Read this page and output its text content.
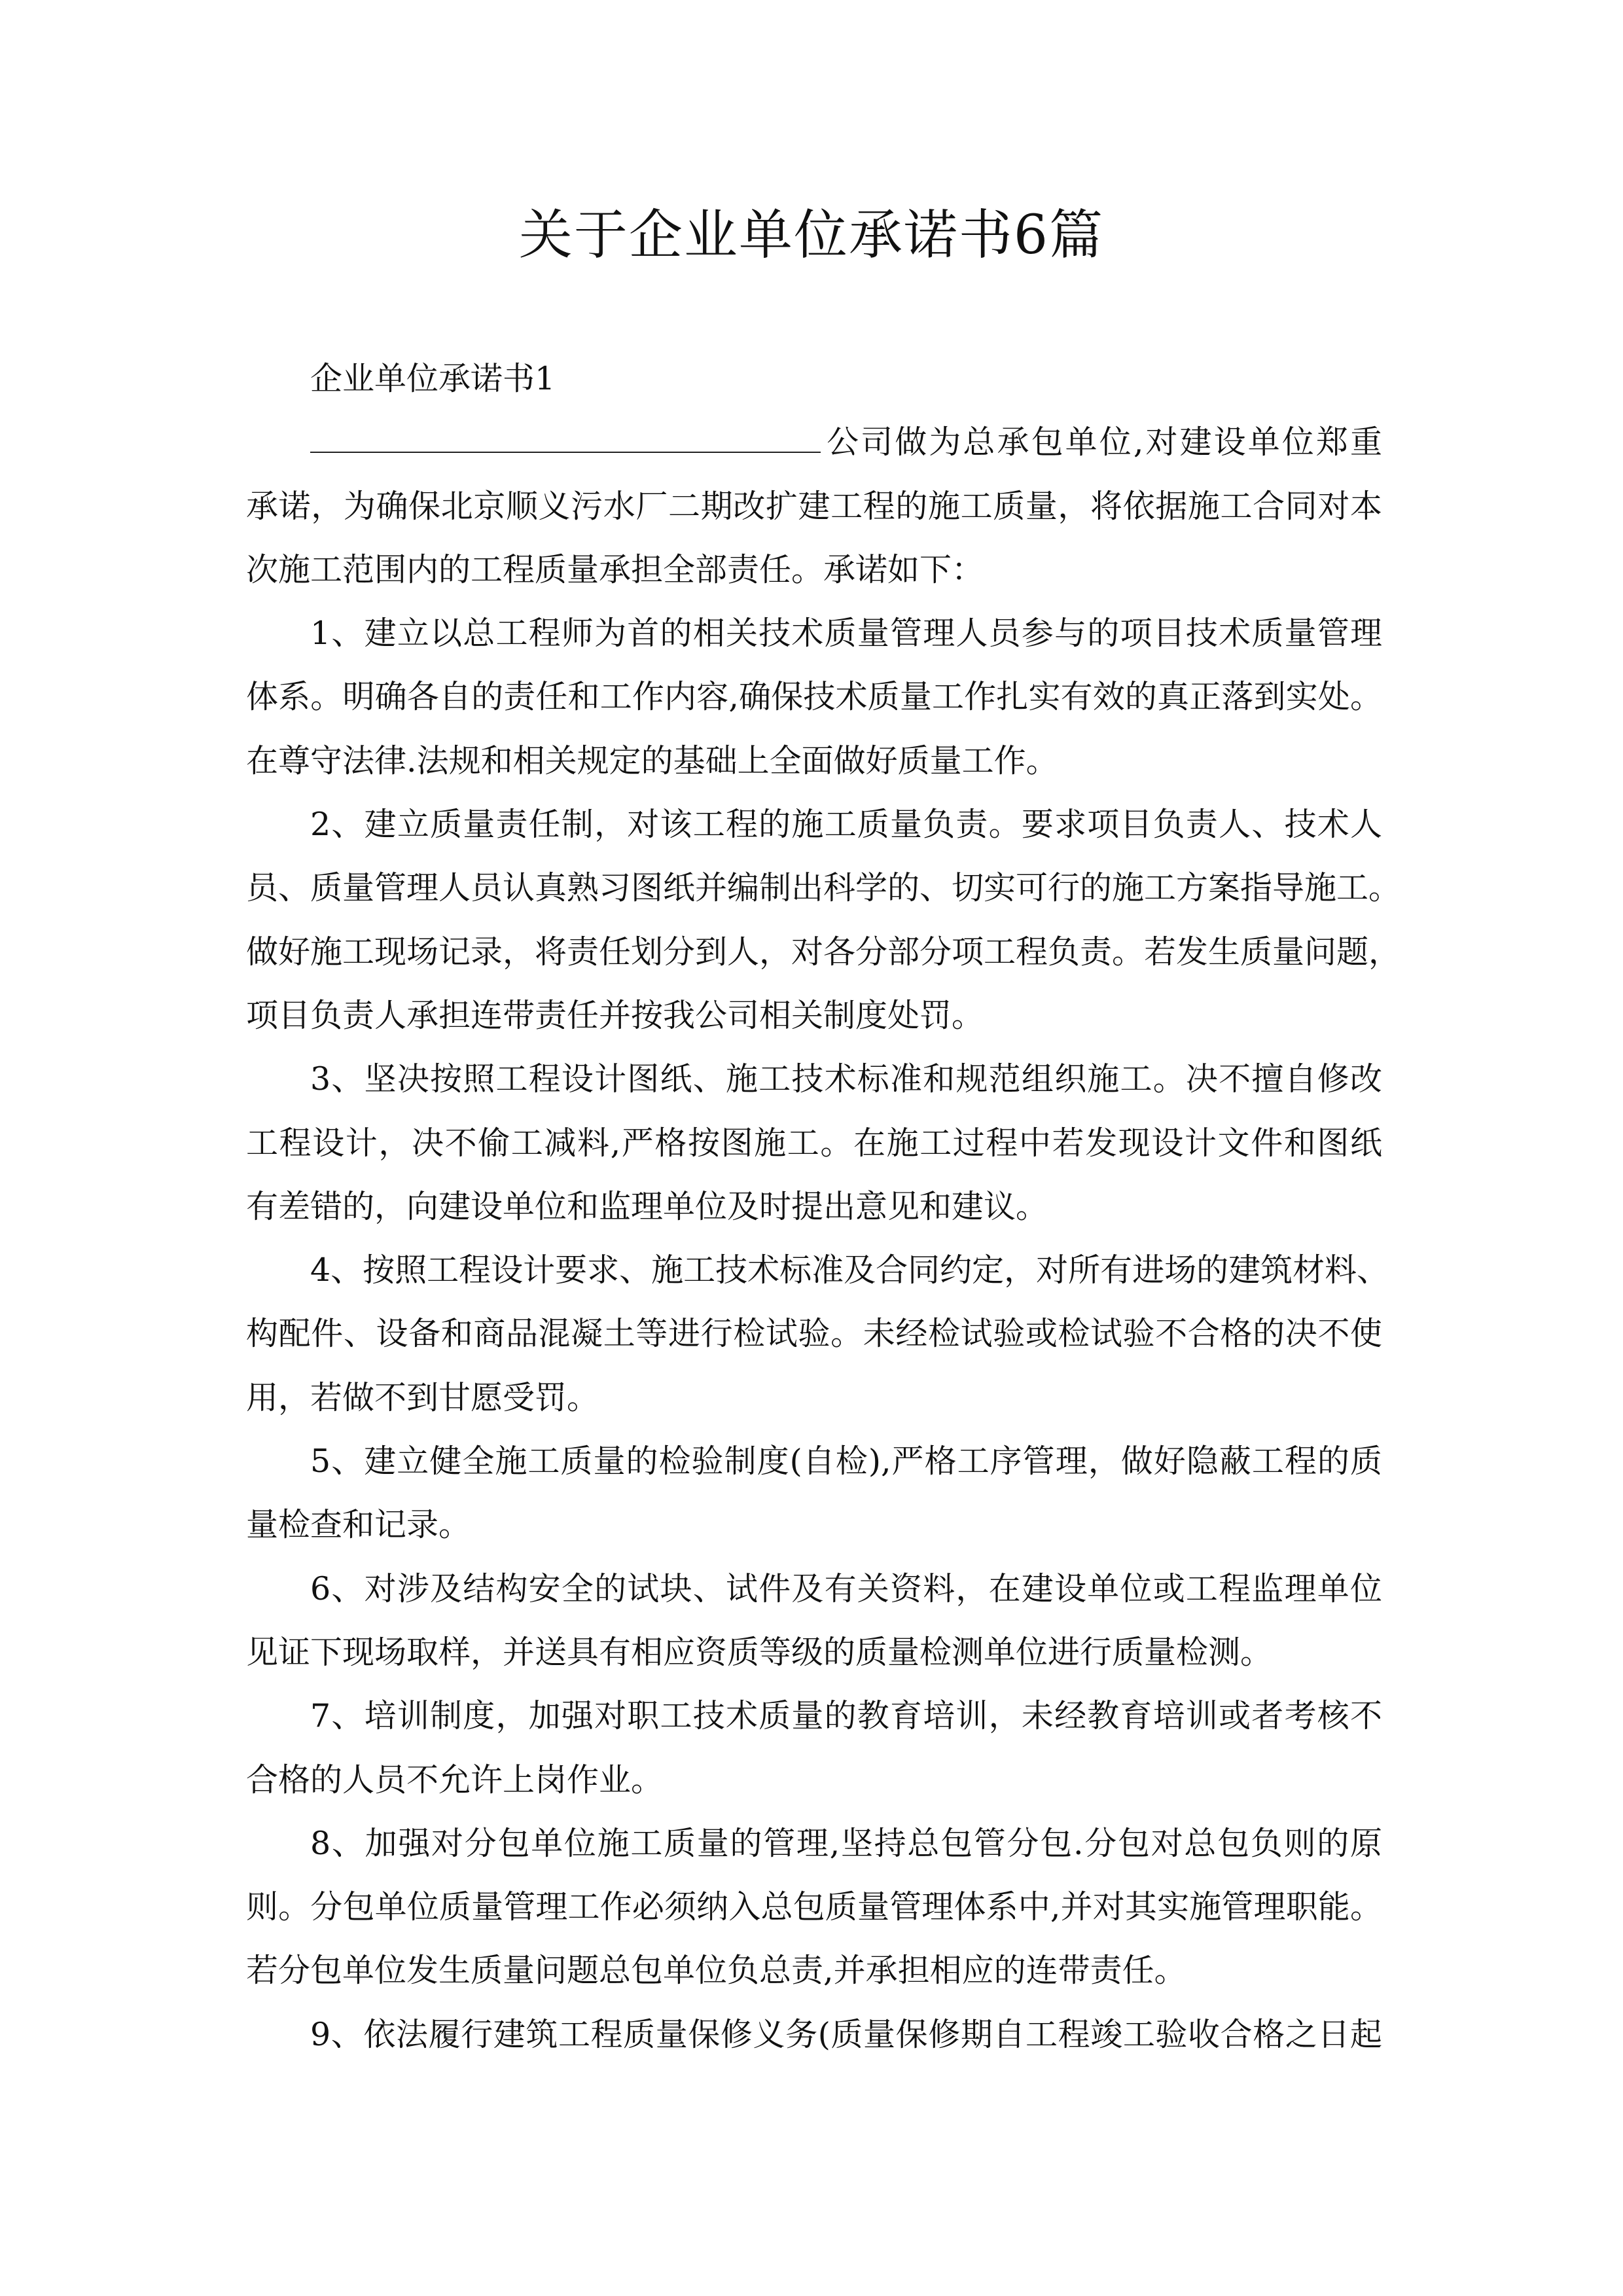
关于企业单位承诺书6篇
企业单位承诺书1
公司做为总承包单位,对建设单位郑重
承诺，为确保北京顺义污水厂二期改扩建工程的施工质量，将依据施工合同对本
次施工范围内的工程质量承担全部责任。承诺如下：
1、建立以总工程师为首的相关技术质量管理人员参与的项目技术质量管理
体系。明确各自的责任和工作内容,确保技术质量工作扎实有效的真正落到实处。
在尊守法律.法规和相关规定的基础上全面做好质量工作。
2、建立质量责任制，对该工程的施工质量负责。要求项目负责人、技术人
员、质量管理人员认真熟习图纸并编制出科学的、切实可行的施工方案指导施工。
做好施工现场记录，将责任划分到人，对各分部分项工程负责。若发生质量问题，
项目负责人承担连带责任并按我公司相关制度处罚。
3、坚决按照工程设计图纸、施工技术标准和规范组织施工。决不擅自修改
工程设计，决不偷工减料,严格按图施工。在施工过程中若发现设计文件和图纸
有差错的，向建设单位和监理单位及时提出意见和建议。
4、按照工程设计要求、施工技术标准及合同约定，对所有进场的建筑材料、
构配件、设备和商品混凝土等进行检试验。未经检试验或检试验不合格的决不使
用，若做不到甘愿受罚。
5、建立健全施工质量的检验制度(自检),严格工序管理，做好隐蔽工程的质
量检查和记录。
6、对涉及结构安全的试块、试件及有关资料，在建设单位或工程监理单位
见证下现场取样，并送具有相应资质等级的质量检测单位进行质量检测。
7、培训制度，加强对职工技术质量的教育培训，未经教育培训或者考核不
合格的人员不允许上岗作业。
8、加强对分包单位施工质量的管理,坚持总包管分包.分包对总包负则的原
则。分包单位质量管理工作必须纳入总包质量管理体系中,并对其实施管理职能。
若分包单位发生质量问题总包单位负总责,并承担相应的连带责任。
9、依法履行建筑工程质量保修义务(质量保修期自工程竣工验收合格之日起
